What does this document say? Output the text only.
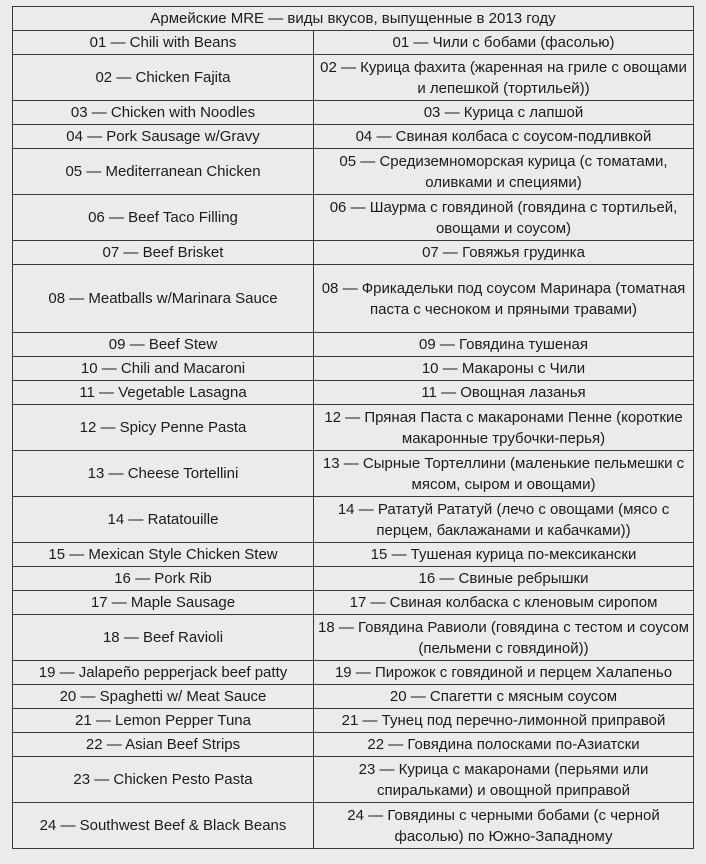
Армейские MRE — виды вкусов, выпущенные в 2013 году	
01 — Chili with Beans	01 — Чили с бобами (фасолью)
02 — Chicken Fajita	02 — Курица фахита (жаренная на гриле с овощами и лепешкой (тортильей))
03 — Chicken with Noodles	03 — Курица с лапшой
04 — Pork Sausage w/Gravy	04 — Свиная колбаса с соусом-подливкой
05 — Mediterranean Chicken	05 — Средиземноморская курица (с томатами, оливками и специями)
06 — Beef Taco Filling	06 — Шаурма с говядиной (говядина с тортильей, овощами и соусом)
07 — Beef Brisket	07 — Говяжья грудинка
08 — Meatballs w/Marinara Sauce	08 — Фрикадельки под соусом Маринара (томатная паста с чесноком и пряными травами)
09 — Beef Stew	09 — Говядина тушеная
10 — Chili and Macaroni	10 — Макароны с Чили
11 — Vegetable Lasagna	11 — Овощная лазанья
12 — Spicy Penne Pasta	12 — Пряная Паста с макаронами Пенне (короткие макаронные трубочки-перья)
13 — Cheese Tortellini	13 — Сырные Тортеллини (маленькие пельмешки с мясом, сыром и овощами)
14 — Ratatouille	14 — Рататуй Рататуй (лечо с овощами (мясо с перцем, баклажанами и кабачками))
15 — Mexican Style Chicken Stew	15 — Тушеная курица по-мексикански
16 — Pork Rib	16 — Свиные ребрышки
17 — Maple Sausage	17 — Свиная колбаска с кленовым сиропом
18 — Beef Ravioli	18 — Говядина Равиоли (говядина с тестом и соусом (пельмени с говядиной))
19 — Jalapeño pepperjack beef patty	19 — Пирожок с говядиной и перцем Халапеньо
20 — Spaghetti w/ Meat Sauce	20 — Спагетти с мясным соусом
21 — Lemon Pepper Tuna	21 — Тунец под перечно-лимонной приправой
22 — Asian Beef Strips	22 — Говядина полосками по-Азиатски
23 — Chicken Pesto Pasta	23 — Курица с макаронами (перьями или спиральками) и овощной приправой
24 — Southwest Beef & Black Beans	24 — Говядины с черными бобами (с черной фасолью) по Южно-Западному
